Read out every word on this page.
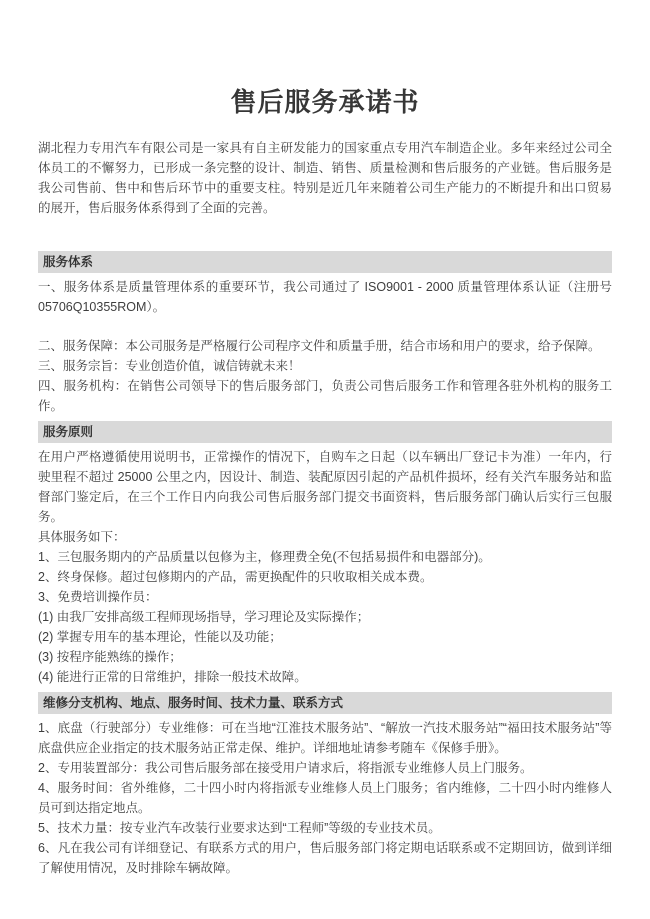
售后服务承诺书

湖北程力专用汽车有限公司是一家具有自主研发能力的国家重点专用汽车制造企业。多年来经过公司全体员工的不懈努力，已形成一条完整的设计、制造、销售、质量检测和售后服务的产业链。售后服务是我公司售前、售中和售后环节中的重要支柱。特别是近几年来随着公司生产能力的不断提升和出口贸易的展开，售后服务体系得到了全面的完善。

服务体系

一、服务体系是质量管理体系的重要环节，我公司通过了 ISO9001 - 2000 质量管理体系认证（注册号 05706Q10355ROM）。

二、服务保障：本公司服务是严格履行公司程序文件和质量手册，结合市场和用户的要求，给予保障。

三、服务宗旨：专业创造价值，诚信铸就未来！

四、服务机构：在销售公司领导下的售后服务部门，负责公司售后服务工作和管理各驻外机构的服务工作。

服务原则

在用户严格遵循使用说明书，正常操作的情况下，自购车之日起（以车辆出厂登记卡为准）一年内，行驶里程不超过 25000 公里之内，因设计、制造、装配原因引起的产品机件损坏，经有关汽车服务站和监督部门鉴定后，在三个工作日内向我公司售后服务部门提交书面资料，售后服务部门确认后实行三包服务。

具体服务如下：

1、三包服务期内的产品质量以包修为主，修理费全免(不包括易损件和电器部分)。

2、终身保修。超过包修期内的产品，需更换配件的只收取相关成本费。

3、免费培训操作员：

(1) 由我厂安排高级工程师现场指导，学习理论及实际操作；

(2) 掌握专用车的基本理论，性能以及功能；

(3) 按程序能熟练的操作；

(4) 能进行正常的日常维护，排除一般技术故障。

维修分支机构、地点、服务时间、技术力量、联系方式

1、底盘（行驶部分）专业维修：可在当地“江淮技术服务站”、“解放一汽技术服务站”“福田技术服务站”等底盘供应企业指定的技术服务站正常走保、维护。详细地址请参考随车《保修手册》。

2、专用装置部分：我公司售后服务部在接受用户请求后，将指派专业维修人员上门服务。

4、服务时间：省外维修，二十四小时内将指派专业维修人员上门服务；省内维修，二十四小时内维修人员可到达指定地点。

5、技术力量：按专业汽车改装行业要求达到“工程师”等级的专业技术员。

6、凡在我公司有详细登记、有联系方式的用户，售后服务部门将定期电话联系或不定期回访，做到详细了解使用情况，及时排除车辆故障。
